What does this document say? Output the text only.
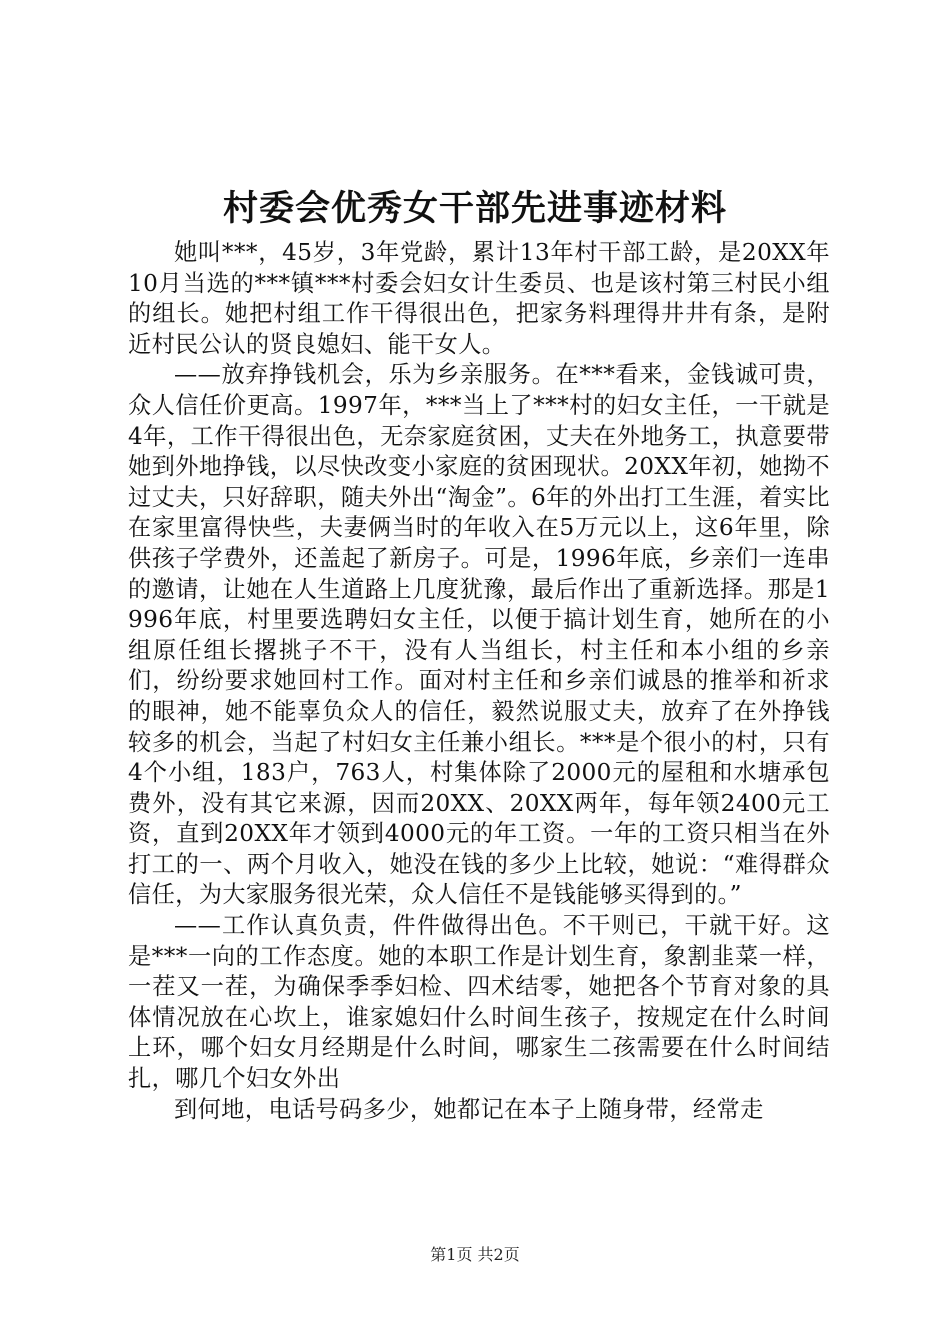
村委会优秀女干部先进事迹材料

她叫***，45岁，3年党龄，累计13年村干部工龄，是20XX年10月当选的***镇***村委会妇女计生委员、也是该村第三村民小组的组长。她把村组工作干得很出色，把家务料理得井井有条，是附近村民公认的贤良媳妇、能干女人。

——放弃挣钱机会，乐为乡亲服务。在***看来，金钱诚可贵，众人信任价更高。1997年，***当上了***村的妇女主任，一干就是4年，工作干得很出色，无奈家庭贫困，丈夫在外地务工，执意要带她到外地挣钱，以尽快改变小家庭的贫困现状。20XX年初，她拗不过丈夫，只好辞职，随夫外出“淘金”。6年的外出打工生涯，着实比在家里富得快些，夫妻俩当时的年收入在5万元以上，这6年里，除供孩子学费外，还盖起了新房子。可是，1996年底，乡亲们一连串的邀请，让她在人生道路上几度犹豫，最后作出了重新选择。那是1996年底，村里要选聘妇女主任，以便于搞计划生育，她所在的小组原任组长撂挑子不干，没有人当组长，村主任和本小组的乡亲们，纷纷要求她回村工作。面对村主任和乡亲们诚恳的推举和祈求的眼神，她不能辜负众人的信任，毅然说服丈夫，放弃了在外挣钱较多的机会，当起了村妇女主任兼小组长。***是个很小的村，只有4个小组，183户，763人，村集体除了2000元的屋租和水塘承包费外，没有其它来源，因而20XX、20XX两年，每年领2400元工资，直到20XX年才领到4000元的年工资。一年的工资只相当在外打工的一、两个月收入，她没在钱的多少上比较，她说：“难得群众信任，为大家服务很光荣，众人信任不是钱能够买得到的。”

——工作认真负责，件件做得出色。不干则已，干就干好。这是***一向的工作态度。她的本职工作是计划生育，象割韭菜一样，一茬又一茬，为确保季季妇检、四术结零，她把各个节育对象的具体情况放在心坎上，谁家媳妇什么时间生孩子，按规定在什么时间上环，哪个妇女月经期是什么时间，哪家生二孩需要在什么时间结扎，哪几个妇女外出

到何地，电话号码多少，她都记在本子上随身带，经常走

第1页 共2页
